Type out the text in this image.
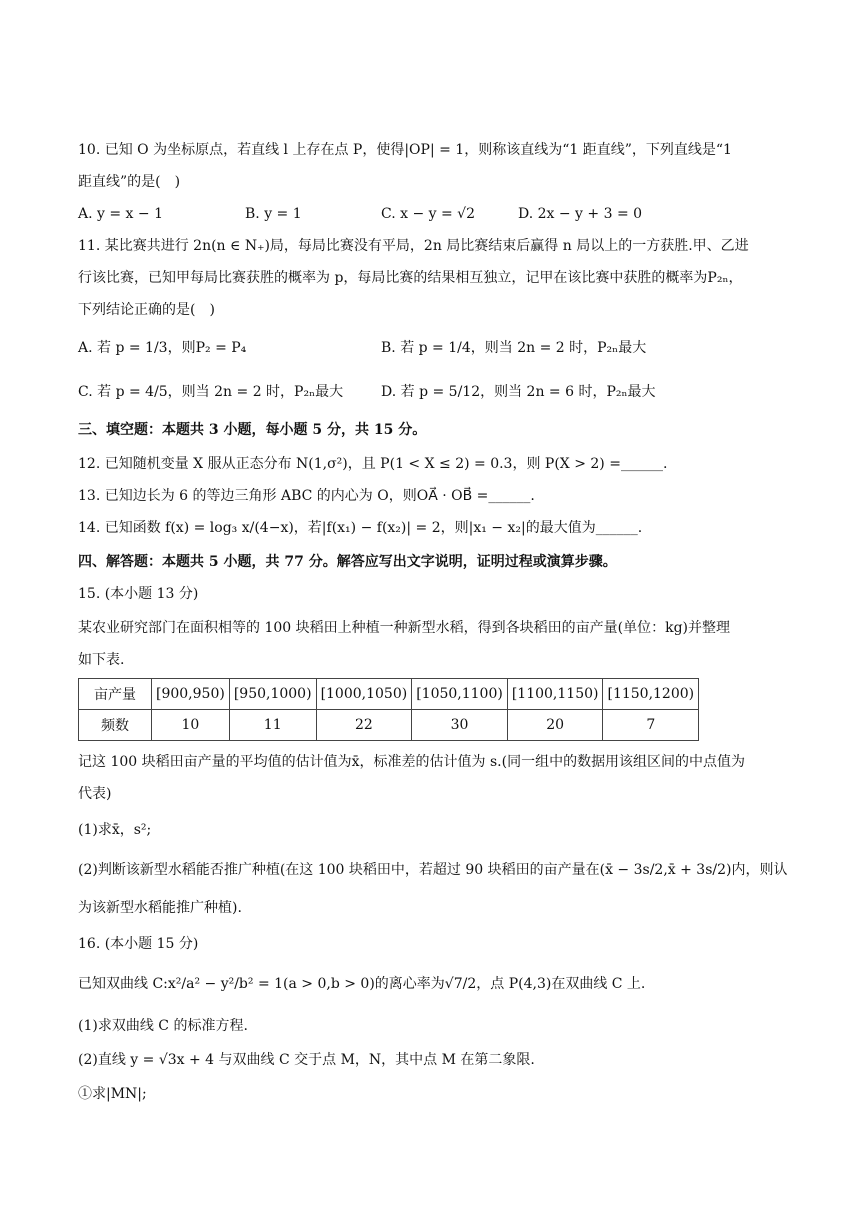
10. 已知 O 为坐标原点，若直线 l 上存在点 P，使得|OP| = 1，则称该直线为“1 距直线”，下列直线是“1
距直线”的是(　)
A. y = x − 1	B. y = 1	C. x − y = √2	D. 2x − y + 3 = 0
11. 某比赛共进行 2n(n ∈ N₊)局，每局比赛没有平局，2n 局比赛结束后赢得 n 局以上的一方获胜.甲、乙进
行该比赛，已知甲每局比赛获胜的概率为 p，每局比赛的结果相互独立，记甲在该比赛中获胜的概率为P₂ₙ，
下列结论正确的是(　)
A. 若 p = 1/3，则P₂ = P₄	B. 若 p = 1/4，则当 2n = 2 时，P₂ₙ最大
C. 若 p = 4/5，则当 2n = 2 时，P₂ₙ最大	D. 若 p = 5/12，则当 2n = 6 时，P₂ₙ最大
三、填空题：本题共 3 小题，每小题 5 分，共 15 分。
12. 已知随机变量 X 服从正态分布 N(1,σ²)，且 P(1 < X ≤ 2) = 0.3，则 P(X > 2) =______.
13. 已知边长为 6 的等边三角形 ABC 的内心为 O，则OA⃗ · OB⃗ =______.
14. 已知函数 f(x) = log₃ x/(4−x)，若|f(x₁) − f(x₂)| = 2，则|x₁ − x₂|的最大值为______.
四、解答题：本题共 5 小题，共 77 分。解答应写出文字说明，证明过程或演算步骤。
15. (本小题 13 分)
某农业研究部门在面积相等的 100 块稻田上种植一种新型水稻，得到各块稻田的亩产量(单位：kg)并整理
如下表.
亩产量	[900,950)	[950,1000)	[1000,1050)	[1050,1100)	[1100,1150)	[1150,1200)
频数	10	11	22	30	20	7
记这 100 块稻田亩产量的平均值的估计值为x̄，标准差的估计值为 s.(同一组中的数据用该组区间的中点值为
代表)
(1)求x̄，s²;
(2)判断该新型水稻能否推广种植(在这 100 块稻田中，若超过 90 块稻田的亩产量在(x̄ − 3s/2,x̄ + 3s/2)内，则认
为该新型水稻能推广种植).
16. (本小题 15 分)
已知双曲线 C:x²/a² − y²/b² = 1(a > 0,b > 0)的离心率为√7/2，点 P(4,3)在双曲线 C 上.
(1)求双曲线 C 的标准方程.
(2)直线 y = √3x + 4 与双曲线 C 交于点 M，N，其中点 M 在第二象限.
①求|MN|;
